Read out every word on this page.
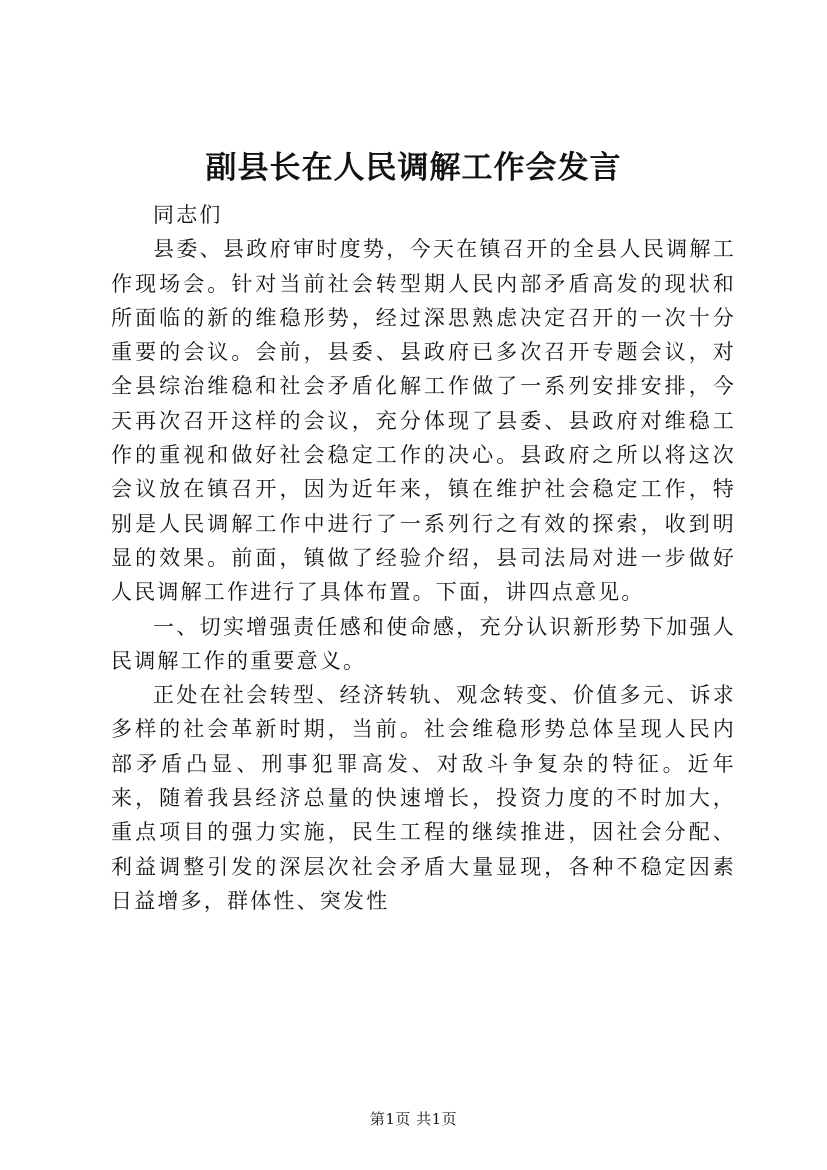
副县长在人民调解工作会发言

同志们

县委、县政府审时度势，今天在镇召开的全县人民调解工作现场会。针对当前社会转型期人民内部矛盾高发的现状和所面临的新的维稳形势，经过深思熟虑决定召开的一次十分重要的会议。会前，县委、县政府已多次召开专题会议，对全县综治维稳和社会矛盾化解工作做了一系列安排安排，今天再次召开这样的会议，充分体现了县委、县政府对维稳工作的重视和做好社会稳定工作的决心。县政府之所以将这次会议放在镇召开，因为近年来，镇在维护社会稳定工作，特别是人民调解工作中进行了一系列行之有效的探索，收到明显的效果。前面，镇做了经验介绍，县司法局对进一步做好人民调解工作进行了具体布置。下面，讲四点意见。

一、切实增强责任感和使命感，充分认识新形势下加强人民调解工作的重要意义。

正处在社会转型、经济转轨、观念转变、价值多元、诉求多样的社会革新时期，当前。社会维稳形势总体呈现人民内部矛盾凸显、刑事犯罪高发、对敌斗争复杂的特征。近年来，随着我县经济总量的快速增长，投资力度的不时加大，重点项目的强力实施，民生工程的继续推进，因社会分配、利益调整引发的深层次社会矛盾大量显现，各种不稳定因素日益增多，群体性、突发性

第1页 共1页
